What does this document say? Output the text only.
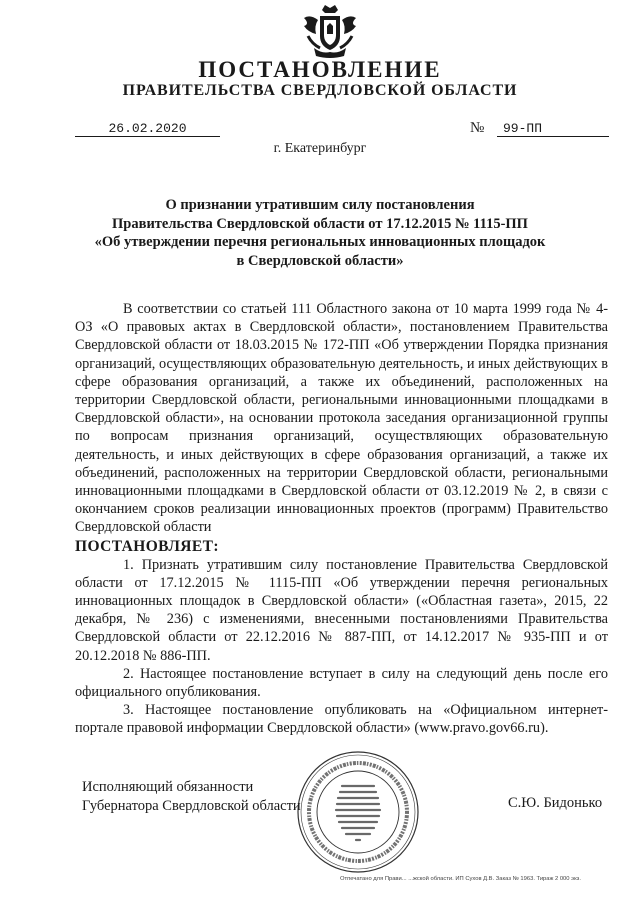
ПОСТАНОВЛЕНИЕ
ПРАВИТЕЛЬСТВА СВЕРДЛОВСКОЙ ОБЛАСТИ
26.02.2020	№	99-ПП
г. Екатеринбург
О признании утратившим силу постановления
Правительства Свердловской области от 17.12.2015 № 1115-ПП
«Об утверждении перечня региональных инновационных площадок
в Свердловской области»
В соответствии со статьей 111 Областного закона от 10 марта 1999 года № 4-ОЗ «О правовых актах в Свердловской области», постановлением Правительства Свердловской области от 18.03.2015 № 172-ПП «Об утверждении Порядка признания организаций, осуществляющих образовательную деятельность, и иных действующих в сфере образования организаций, а также их объединений, расположенных на территории Свердловской области, региональными инновационными площадками в Свердловской области», на основании протокола заседания организационной группы по вопросам признания организаций, осуществляющих образовательную деятельность, и иных действующих в сфере образования организаций, а также их объединений, расположенных на территории Свердловской области, региональными инновационными площадками в Свердловской области от 03.12.2019 № 2, в связи с окончанием сроков реализации инновационных проектов (программ) Правительство Свердловской области
ПОСТАНОВЛЯЕТ:
1. Признать утратившим силу постановление Правительства Свердловской области от 17.12.2015 № 1115-ПП «Об утверждении перечня региональных инновационных площадок в Свердловской области» («Областная газета», 2015, 22 декабря, № 236) с изменениями, внесенными постановлениями Правительства Свердловской области от 22.12.2016 № 887-ПП, от 14.12.2017 № 935-ПП и от 20.12.2018 № 886-ПП.
2. Настоящее постановление вступает в силу на следующий день после его официального опубликования.
3. Настоящее постановление опубликовать на «Официальном интернет-портале правовой информации Свердловской области» (www.pravo.gov66.ru).
Исполняющий обязанности
Губернатора Свердловской области	С.Ю. Бидонько
Отпечатано для Прави... ...жской области. ИП Сухов Д.В. Заказ № 1963. Тираж 2 000 экз.
